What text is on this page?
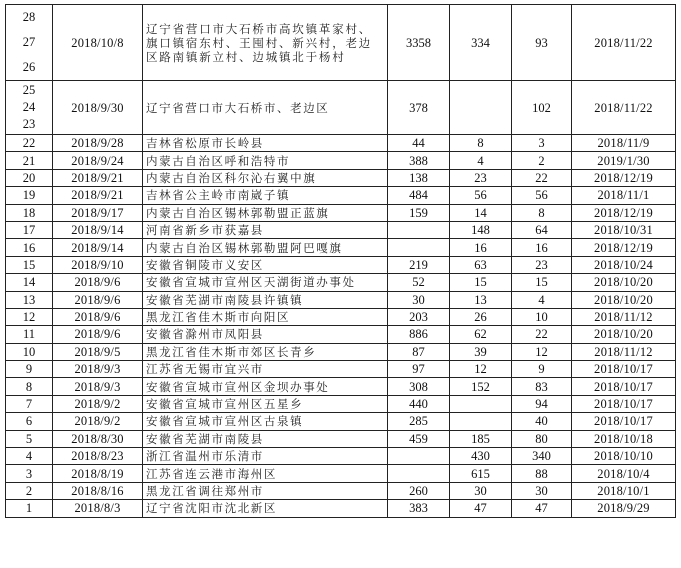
28
27
26	2018/10/8	辽宁省营口市大石桥市高坎镇革家村、旗口镇宿东村、王囤村、新兴村，老边区路南镇新立村、边城镇北于杨村	3358	334	93	2018/11/22

25
24
23	2018/9/30	辽宁省营口市大石桥市、老边区	378		102	2018/11/22

22	2018/9/28	吉林省松原市长岭县	44	8	3	2018/11/9

21	2018/9/24	内蒙古自治区呼和浩特市	388	4	2	2019/1/30

20	2018/9/21	内蒙古自治区科尔沁右翼中旗	138	23	22	2018/12/19

19	2018/9/21	吉林省公主岭市南崴子镇	484	56	56	2018/11/1

18	2018/9/17	内蒙古自治区锡林郭勒盟正蓝旗	159	14	8	2018/12/19

17	2018/9/14	河南省新乡市获嘉县		148	64	2018/10/31

16	2018/9/14	内蒙古自治区锡林郭勒盟阿巴嘎旗		16	16	2018/12/19

15	2018/9/10	安徽省铜陵市义安区	219	63	23	2018/10/24

14	2018/9/6	安徽省宣城市宣州区天湖街道办事处	52	15	15	2018/10/20

13	2018/9/6	安徽省芜湖市南陵县许镇镇	30	13	4	2018/10/20

12	2018/9/6	黑龙江省佳木斯市向阳区	203	26	10	2018/11/12

11	2018/9/6	安徽省滁州市凤阳县	886	62	22	2018/10/20

10	2018/9/5	黑龙江省佳木斯市郊区长青乡	87	39	12	2018/11/12

9	2018/9/3	江苏省无锡市宜兴市	97	12	9	2018/10/17

8	2018/9/3	安徽省宣城市宣州区金坝办事处	308	152	83	2018/10/17

7	2018/9/2	安徽省宣城市宣州区五星乡	440		94	2018/10/17

6	2018/9/2	安徽省宣城市宣州区古泉镇	285		40	2018/10/17

5	2018/8/30	安徽省芜湖市南陵县	459	185	80	2018/10/18

4	2018/8/23	浙江省温州市乐清市		430	340	2018/10/10

3	2018/8/19	江苏省连云港市海州区		615	88	2018/10/4

2	2018/8/16	黑龙江省调往郑州市	260	30	30	2018/10/1

1	2018/8/3	辽宁省沈阳市沈北新区	383	47	47	2018/9/29
